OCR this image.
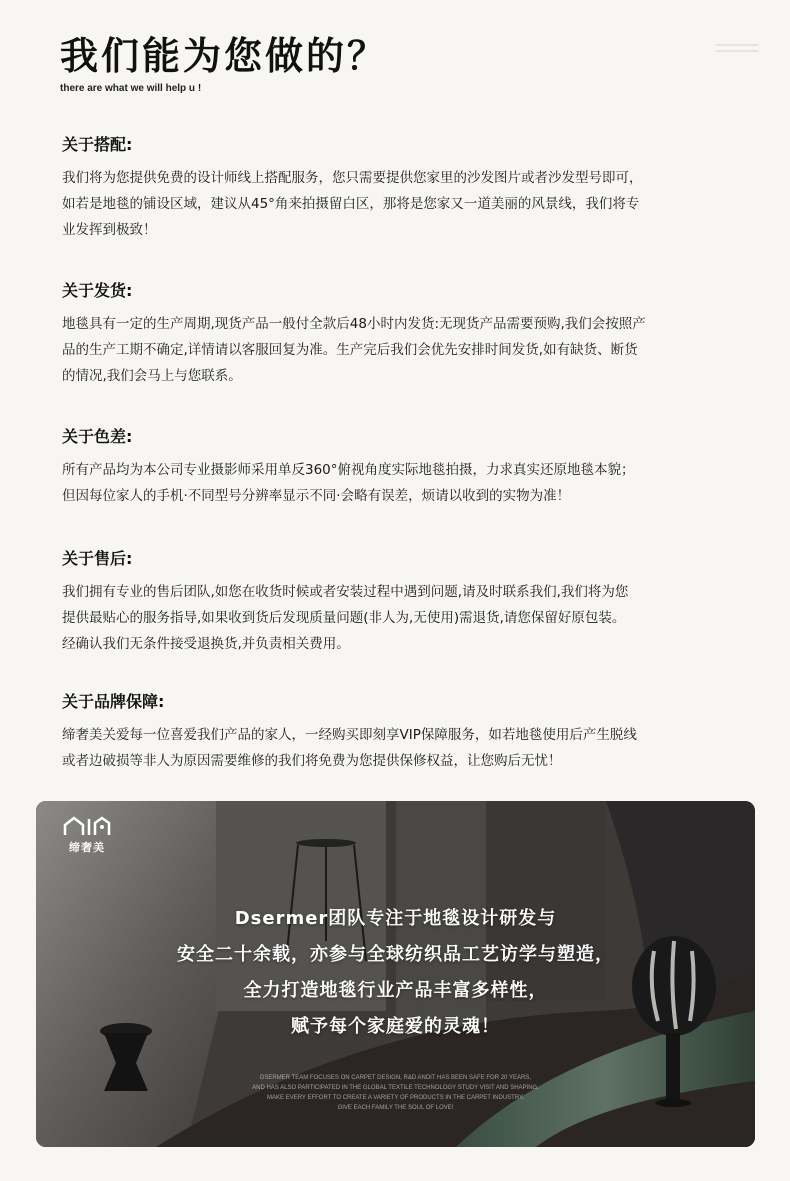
我们能为您做的？
there are what we will help u !
关于搭配:
我们将为您提供免费的设计师线上搭配服务，您只需要提供您家里的沙发图片或者沙发型号即可，
如若是地毯的铺设区域，建议从45°角来拍摄留白区，那将是您家又一道美丽的风景线，我们将专
业发挥到极致！
关于发货:
地毯具有一定的生产周期,现货产品一般付全款后48小时内发货:无现货产品需要预购,我们会按照产
品的生产工期不确定,详情请以客服回复为准。生产完后我们会优先安排时间发货,如有缺货、断货
的情况,我们会马上与您联系。
关于色差:
所有产品均为本公司专业摄影师采用单反360°俯视角度实际地毯拍摄，力求真实还原地毯本貌；
但因每位家人的手机·不同型号分辨率显示不同·会略有误差，烦请以收到的实物为准！
关于售后:
我们拥有专业的售后团队,如您在收货时候或者安装过程中遇到问题,请及时联系我们,我们将为您
提供最贴心的服务指导,如果收到货后发现质量问题(非人为,无使用)需退货,请您保留好原包装。
经确认我们无条件接受退换货,并负责相关费用。
关于品牌保障:
缔奢美关爱每一位喜爱我们产品的家人，一经购买即刻享VIP保障服务，如若地毯使用后产生脱线
或者边破损等非人为原因需要维修的我们将免费为您提供保修权益，让您购后无忧！
缔奢美
Dsermer团队专注于地毯设计研发与
安全二十余载，亦参与全球纺织品工艺访学与塑造，
全力打造地毯行业产品丰富多样性，
赋予每个家庭爱的灵魂！
DSERMER TEAM FOCUSES ON CARPET DESIGN, R&D ANDIT HAS BEEN SAFE FOR 20 YEARS,
AND HAS ALSO PARTICIPATED IN THE GLOBAL TEXTILE TECHNOLOGY STUDY VISIT AND SHAPING,
MAKE EVERY EFFORT TO CREATE A VARIETY OF PRODUCTS IN THE CARPET INDUSTRY,
GIVE EACH FAMILY THE SOUL OF LOVE!
